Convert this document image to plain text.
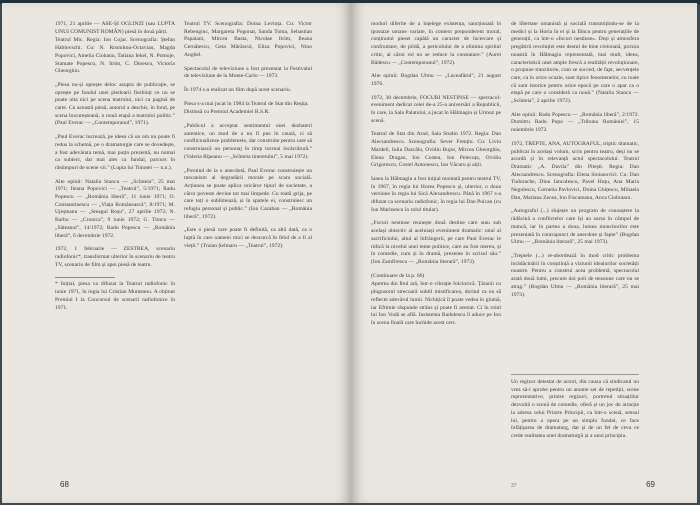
1971, 21 aprilie — ASE-ȘI OGLINZI (sau LUPTA UNUI COMUNIST ROMÂN) piesă în două părți.

Teatrul Mic. Regia: Ion Cojar. Scenografia: Ștefan Hablovschi. Cu: N. Rosmitnu-Octavian, Magda Popovici, Amelia Ciobanu, Tatiana Iekel, N. Pomoje, Stamate Popescu, N. Itrim, C. Dinescu, Victoria Gheorghiu.

„Piesa nu-și oprește deloc asupra de publicație, se oprește pe fondul unei pledoarii fierbinți ce nu se poate uita nici pe scena teatrului, nici ca pagină de carte. Cu această piesă, autorul a deschis, în fond, pe scena bucureșteană, o nouă etapă a teatrului politic.” (Paul Everac — „Contemporanul”, 1971).

„Paul Everac lucrează, pe ideea că un om nu poate fi redus la schemă, pe o dramaturgie care se dovedește, a fost adevărata temă, mai puțin prezentă, nu numai ca subiect, dar mai ales ca fundal, parcurs în răstimpuri de scene vii.” (Lupta lui Timotei — n.n.).

Alte opinii: Natalia Stancu — „Scînteia”, 25 mai 1971; Ileana Popovici — „Teatrul”, 5/1971; Radu Popescu — „România liberă”, 11 iunie 1971; O. Constantinescu — „Viața Românească”, 8/1971; M. Ujeșteanu — „Steagul Roșu”, 27 aprilie 1972; N. Barbu — „Cronica”, 9 iunie 1972; G. Timcu — „Săteanul”, 14/1972; Radu Popescu — „România liberă”, 6 decembrie 1972.

1972, 1 februarie — ZESTREA, scenariu radiofonic*, transformat ulterior în scenariu de teatru TV, scenariu de film și apoi piesă de teatru.

* Inițial, piesa va difuzat la Teatrul radiofonic în iunie 1971, în regia lui Cristian Munteanu. A obținut Premiul I la Concursul de scenarii radiofonice în 1971.

Teatrul TV. Scenografia: Doina Levința. Cu: Victor Rebengiuc, Margareta Pogonat, Sanda Toma, Sebastian Papaiani, Mircea Basta, Nicolae Itrim, Ileana Cernătescu, Geta Mărăscul, Eliza Popovici, Nino Anghel.

Spectacolul de televiziune a fost prezentat la Festivalul de televiziune de la Monte-Carlo — 1973.

În 1974 s-a realizat un film după acest scenariu.

Piesa s-a mai jucat în 1984 la Teatrul de Stat din Reșița.

Distinsă cu Premiul Academiei R.S.R.

„Publicul a acceptat sentimentul unei dezbateri autentice, un mod de a nu fi pus în cauză, ci să conflictualizeze problemele, dar construite pentru care să construiască un personaj în timp tocmai încărcătură.” (Valeria Rîpeanu — „Scînteia tineretului”, 5 mai 1972).

„Pornind de la o anecdotă, Paul Everac construiește un mecanism al degradării morale pe scara socială. Acțiunea se poate aplica oricăror tipuri de societate, a căror poveste devine tot mai limpede. Cu toată grija, pe care toți o sublimează, și în spatele ei, construiesc un refugiu personal și public.” (Ion Cazaban — „România liberă”, 1972).

„Este o piesă care poate fi definită, ca altă dată, ca o luptă în care oameni mici se descurcă în felul de a fi al vieții.” (Traian Șelmaru — „Teatrul”, 1972).

68

modurí diferite de a înțelege existența, sancționată în ipostaze umane variate, în context preponderent moral, conținutul piesei capătă un caracter de încercare și confruntare, de pildă, a pericolului de a elimina spiritul critic, al cărui rol nu se reduce la constatare.” (Aurel Bădescu — „Contemporanul”, 1972).

Alte opinii: Bogdan Ulmu — „Luceafărul”, 21 august 1976.

1972, 30 decembrie, FOCURI NESTINSE — spectacol-eveniment dedicat celei de-a 25-a aniversări a Republicii, în care, la Sala Palatului, a jucat în Hălmagiu și Urmuz pe scenă.

Teatrul de Stat din Arad, Sala Studio 1972. Regia: Dan Alecsandrescu. Scenografia: Sever Frențiu. Cu: Liviu Mardeli, Iuliu Dascălu, Ovidiu Bujor, Mircea Gheorghiu, Elena Dragan, Ion Costea, Ion Pelecuța, Ovidiu Grigorescu, Costel Antonescu, Ion Văcaru și alții.

Ianeu la Hălmagiu a fost inițial montată pentru teatrul TV, în 1967, în regia lui Horea Popescu și, ulterior, o doua versiune în regia lui Sică Alexandrescu. Până în 1967 s-a difuzat ca scenariu radiofonic, în regia lui Dan Puican (cu Ion Marinescu în rolul titular).

„Focuri nestinse reunește două destine care stau sub același obiectiv al aceluiași eveniment dramatic: unul al sacrificiului, altul al înfrângerii, pe care Paul Everac le ridică la nivelul unei teme politice, care au fost mereu, și în comedie, cum și în dramă, prezente în scrisul său.” (Ion Zamfirescu — „România literară”, 1973).

(Continuare de la p. 66)

Apetrea din Ibul ară, într-o vibrație folclorică. Țăranii cu plugusorul strecoară subtil mistificarea, dorind ca ea să reflecte adevărul lumii. Nichițică îl poate vedea în glumă, iar Eftimie răspunde strâns și poate fi arestat. Ci în rolul lui Ion Vodă se află. Insistenta Radulescu îl aduce pe Ion în scena finală care închide acest cerc.

de libertate umanistă și socială transmițindu-se de la medici și la Horia în ei și la Ilincu pentru generațiile de generații, ca într-o «focuri nestinse». Deși și atmosfera pregătirii revoluției este destul de bine creionată, pictura noastră în Hălmagiu reprezentată, mai mult, ideea, caracteristică unei ample frescă a realității revoluționare, o propune tranzitorie, cum se succed, de fapt, secvențele care, ca în orice ocazie, sunt tipice fenomenelor, cu toate că sunt istorice pentru orice epocă pe care o apar ca o etapă pe care o consideră ca nouă.” (Natalia Stancu — „Scînteia”, 2 aprilie 1972).

Alte opinii: Radu Popescu — „România liberă”, 2/1972. Dumitru Radu Popa — „Tribuna României”, 15 noiembrie 1972.

1972, TREPTE, ANA, AUTOGRAFUL, triptic dramatic, publicat în același volum, scris pentru teatru, deși nu se acordă și în relevanță actul spectacolului. Teatrul Dramatic „A. Davila” din Pitești. Regia: Dan Alecsandrescu. Scenografia: Elena Stoianovici. Cu: Dan Tudorache, Dinu Ianculescu, Pavel Huțu, Ana Maria Negulescu, Cornelia Pavlovici, Doina Ghițescu, Mihaela Dan, Mariana Zecea, Ion Fiscuteanu, Anca Ciobotaru.

„Autograful (...) slujește un program de cunoaștere la rădăcină a conflictelor care își au sursa în câmpul de muncă, iar în partea a doua, lumea muncitorilor este prezentată în contrapunct de anecdote și fapte” (Bogdan Ulmu — „România literară”, 25 mai 1973).

„Treptele (...) re-abordează în mod critic problema înrădăcinării în conștiință a viziunii idealurilor societății noastre. Pentru a construi acea problemă, spectacolul arată două lumi, precum doi poli de tensiune care nu se atrag.” (Bogdan Ulmu — „România literară”, 25 mai 1973).

Un regizor detestat de actori, din cauza că sindicatul nu vrea să-l aprobe pentru un anume set de repetiții, scene reprezentative, printre regizori, portretul situațiilor dezvoltă o scenă de comedie, oferă și un joc de atracție la adresa celui Printre Principii, ca într-o scenă, sensul lui, pentru a opera pe un simplu fundal, ce face înfățișarea de dramaturg, dar și de un fel de ceva ce crede realitatea unei dramaturgii și a unui principiu.
37	69
